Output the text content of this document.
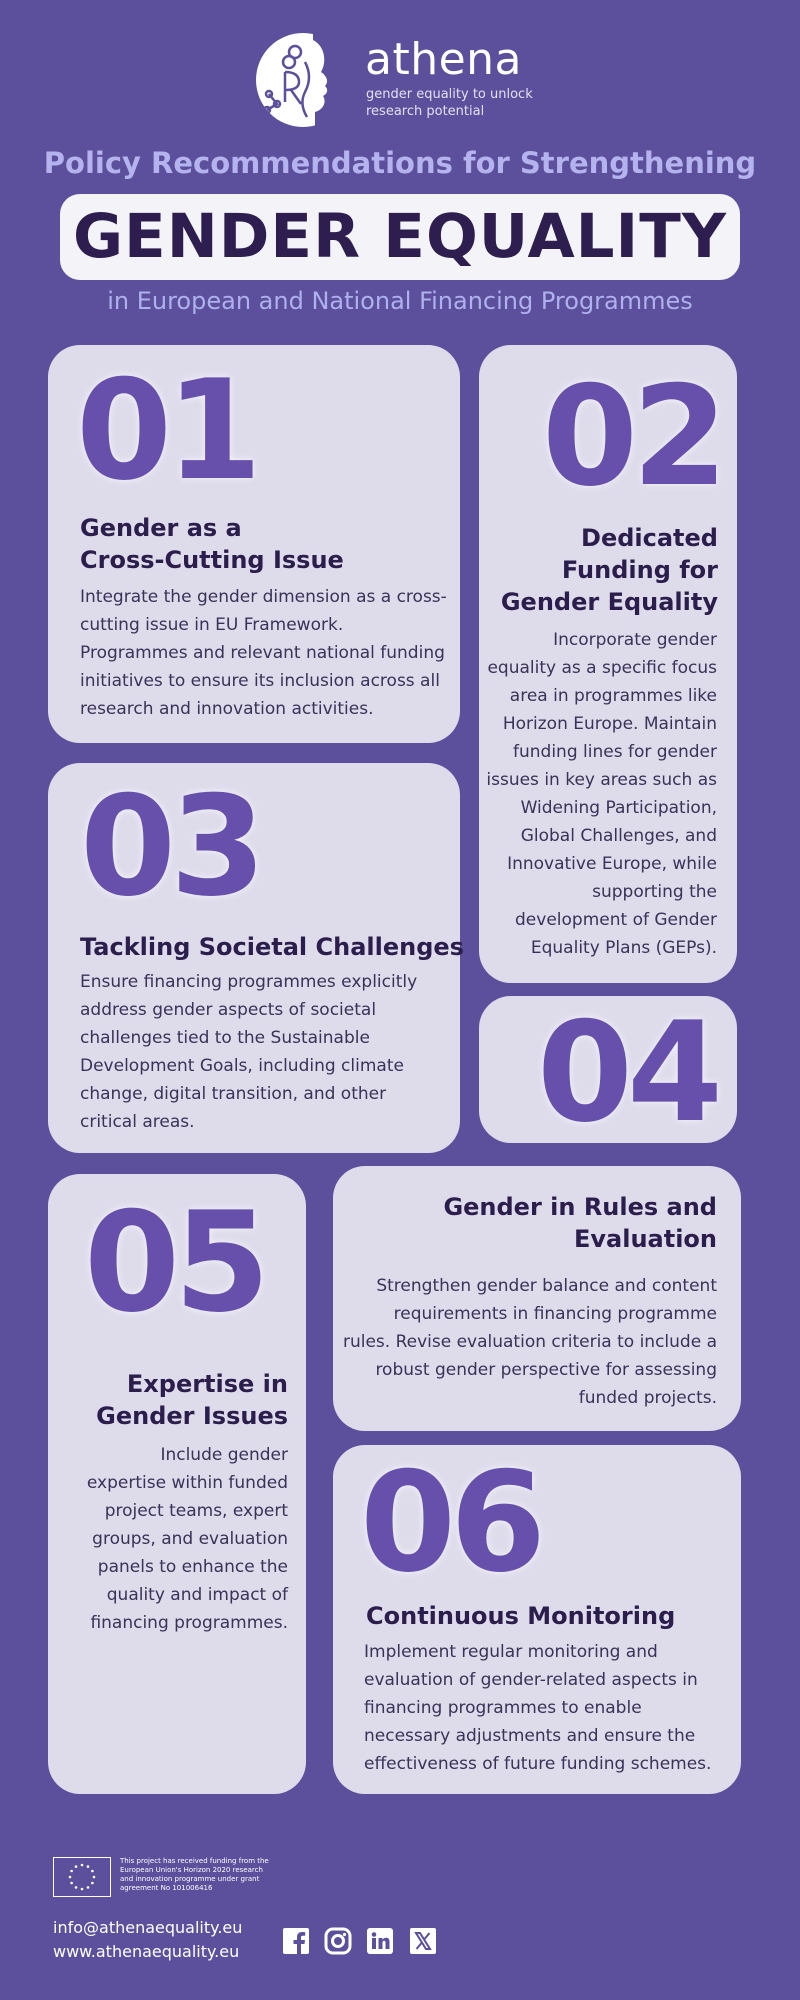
athena
gender equality to unlock
research potential
Policy Recommendations for Strengthening
GENDER EQUALITY
in European and National Financing Programmes
01
Gender as a
Cross-Cutting Issue
Integrate the gender dimension as a cross-
cutting issue in EU Framework.
Programmes and relevant national funding
initiatives to ensure its inclusion across all
research and innovation activities.
02
Dedicated
Funding for
Gender Equality
Incorporate gender
equality as a specific focus
area in programmes like
Horizon Europe. Maintain
funding lines for gender
issues in key areas such as
Widening Participation,
Global Challenges, and
Innovative Europe, while
supporting the
development of Gender
Equality Plans (GEPs).
03
Tackling Societal Challenges
Ensure financing programmes explicitly
address gender aspects of societal
challenges tied to the Sustainable
Development Goals, including climate
change, digital transition, and other
critical areas.	04
05
Expertise in
Gender Issues
Include gender
expertise within funded
project teams, expert
groups, and evaluation
panels to enhance the
quality and impact of
financing programmes.
Gender in Rules and
Evaluation
Strengthen gender balance and content
requirements in financing programme
rules. Revise evaluation criteria to include a
robust gender perspective for assessing
funded projects.
06
Continuous Monitoring
Implement regular monitoring and
evaluation of gender-related aspects in
financing programmes to enable
necessary adjustments and ensure the
effectiveness of future funding schemes.
This project has received funding from the
European Union's Horizon 2020 research
and innovation programme under grant
agreement No 101006416
info@athenaequality.eu
www.athenaequality.eu
